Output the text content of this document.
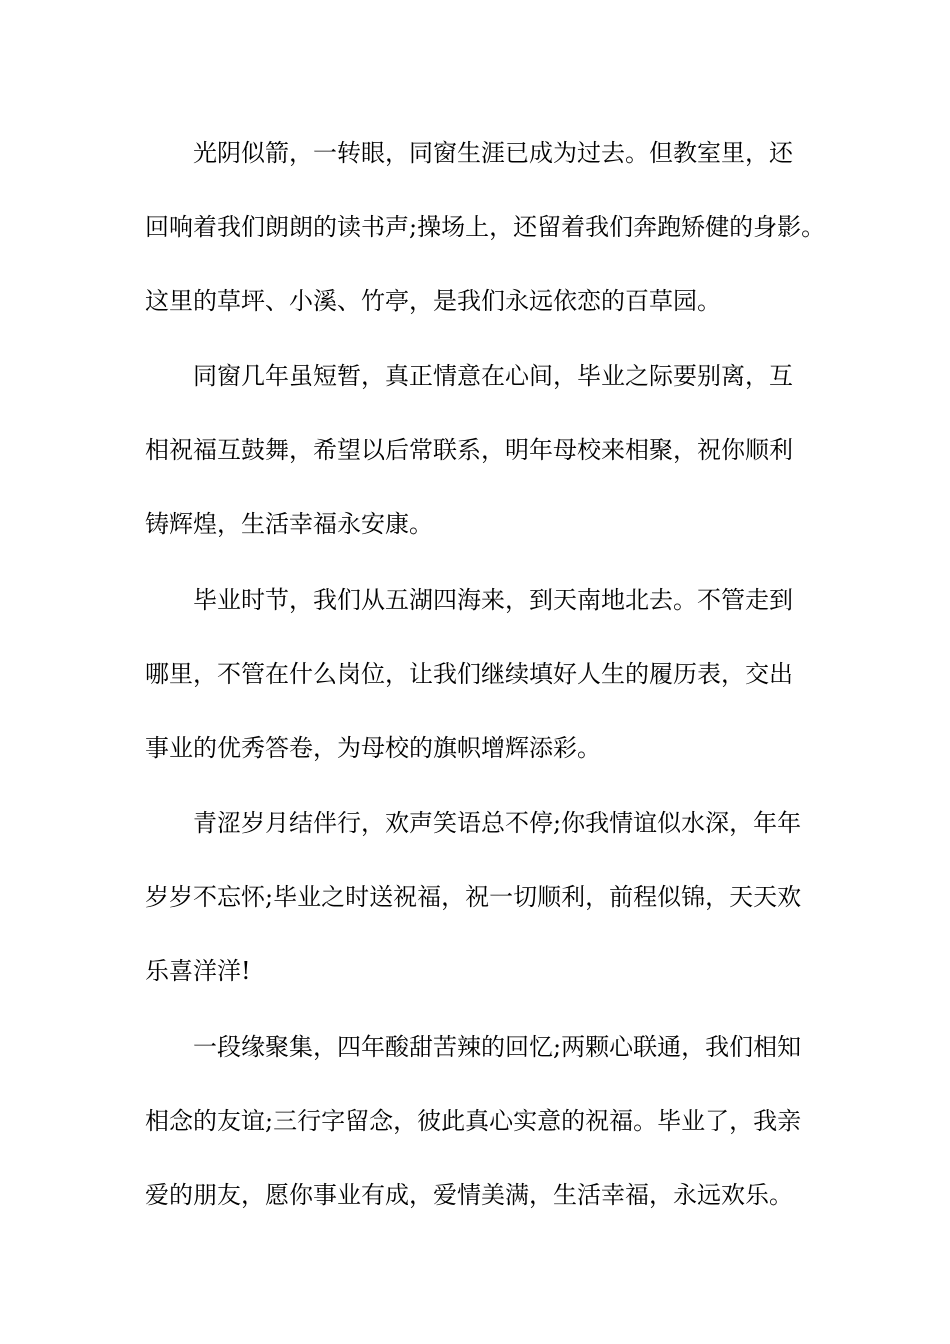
光阴似箭，一转眼，同窗生涯已成为过去。但教室里，还
回响着我们朗朗的读书声;操场上，还留着我们奔跑矫健的身影。
这里的草坪、小溪、竹亭，是我们永远依恋的百草园。
同窗几年虽短暂，真正情意在心间，毕业之际要别离，互
相祝福互鼓舞，希望以后常联系，明年母校来相聚，祝你顺利
铸辉煌，生活幸福永安康。
毕业时节，我们从五湖四海来，到天南地北去。不管走到
哪里，不管在什么岗位，让我们继续填好人生的履历表，交出
事业的优秀答卷，为母校的旗帜增辉添彩。
青涩岁月结伴行，欢声笑语总不停;你我情谊似水深，年年
岁岁不忘怀;毕业之时送祝福，祝一切顺利，前程似锦，天天欢
乐喜洋洋!
一段缘聚集，四年酸甜苦辣的回忆;两颗心联通，我们相知
相念的友谊;三行字留念，彼此真心实意的祝福。毕业了，我亲
爱的朋友，愿你事业有成，爱情美满，生活幸福，永远欢乐。
